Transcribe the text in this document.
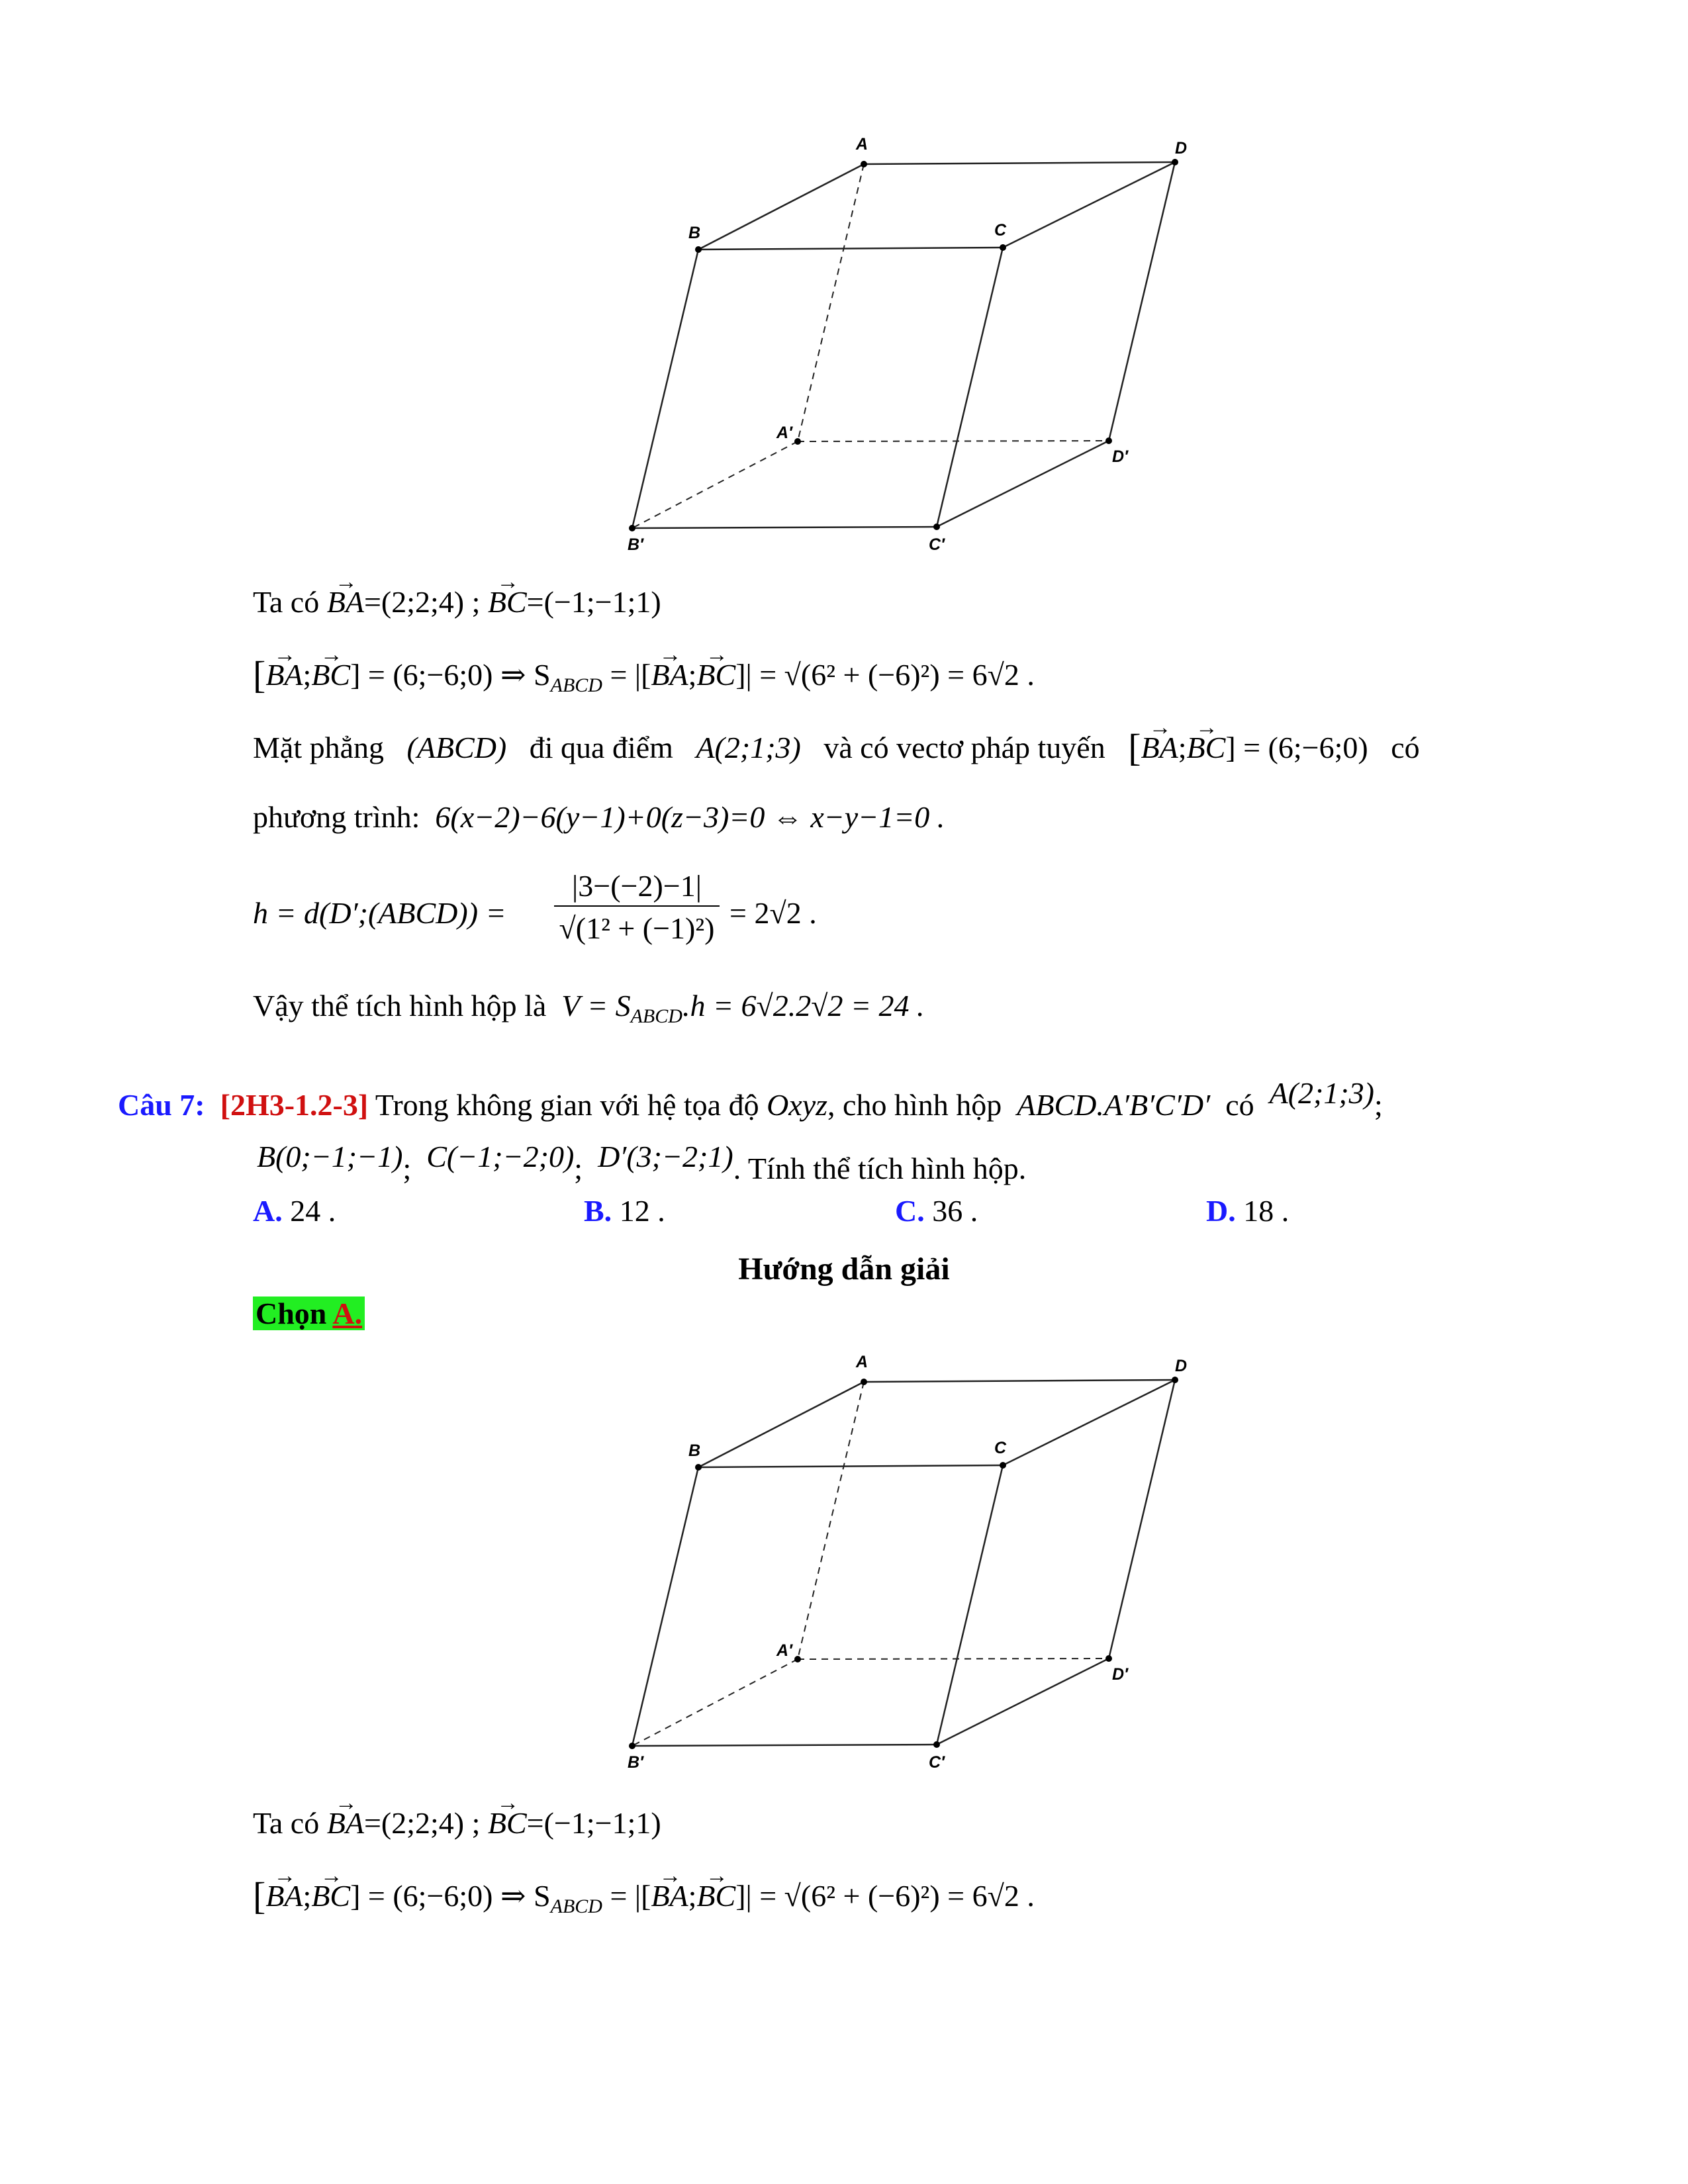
A	D
B	C
A′
D′
B′	C′
Ta có → BA=(2;2;4) ; → BC=(−1;−1;1)
[→ BA;→ BC] = (6;−6;0) ⇒ $S_{ABCD}$ = |[→ BA;→ BC]| = √(6² + (−6)²) = 6√2 .
Mặt phẳng (ABCD) đi qua điểm A(2;1;3) và có vectơ pháp tuyến [→ BA;→ BC] = (6;−6;0) có
phương trình: 6(x−2)−6(y−1)+0(z−3)=0 ⇔ x−y−1=0 .
h = d(D′;(ABCD)) =
|3−(−2)−1|
√(1² + (−1)²) = 2√2 .
Vậy thể tích hình hộp là $V = S_{ABCD}.h = 6√2.2√2 = 24$ .
Câu 7: [2H3-1.2-3] Trong không gian với hệ tọa độ Oxyz, cho hình hộp ABCD.A′B′C′D′ có A(2;1;3);
B(0;−1;−1); C(−1;−2;0); D′(3;−2;1). Tính thể tích hình hộp.
A. 24 .	B. 12 .	C. 36 .	D. 18 .
Hướng dẫn giải
Chọn A.
A	D
B	C
A′
D′
B′	C′
Ta có → BA=(2;2;4) ; → BC=(−1;−1;1)
[→ BA;→ BC] = (6;−6;0) ⇒ $S_{ABCD}$ = |[→ BA;→ BC]| = √(6² + (−6)²) = 6√2 .
